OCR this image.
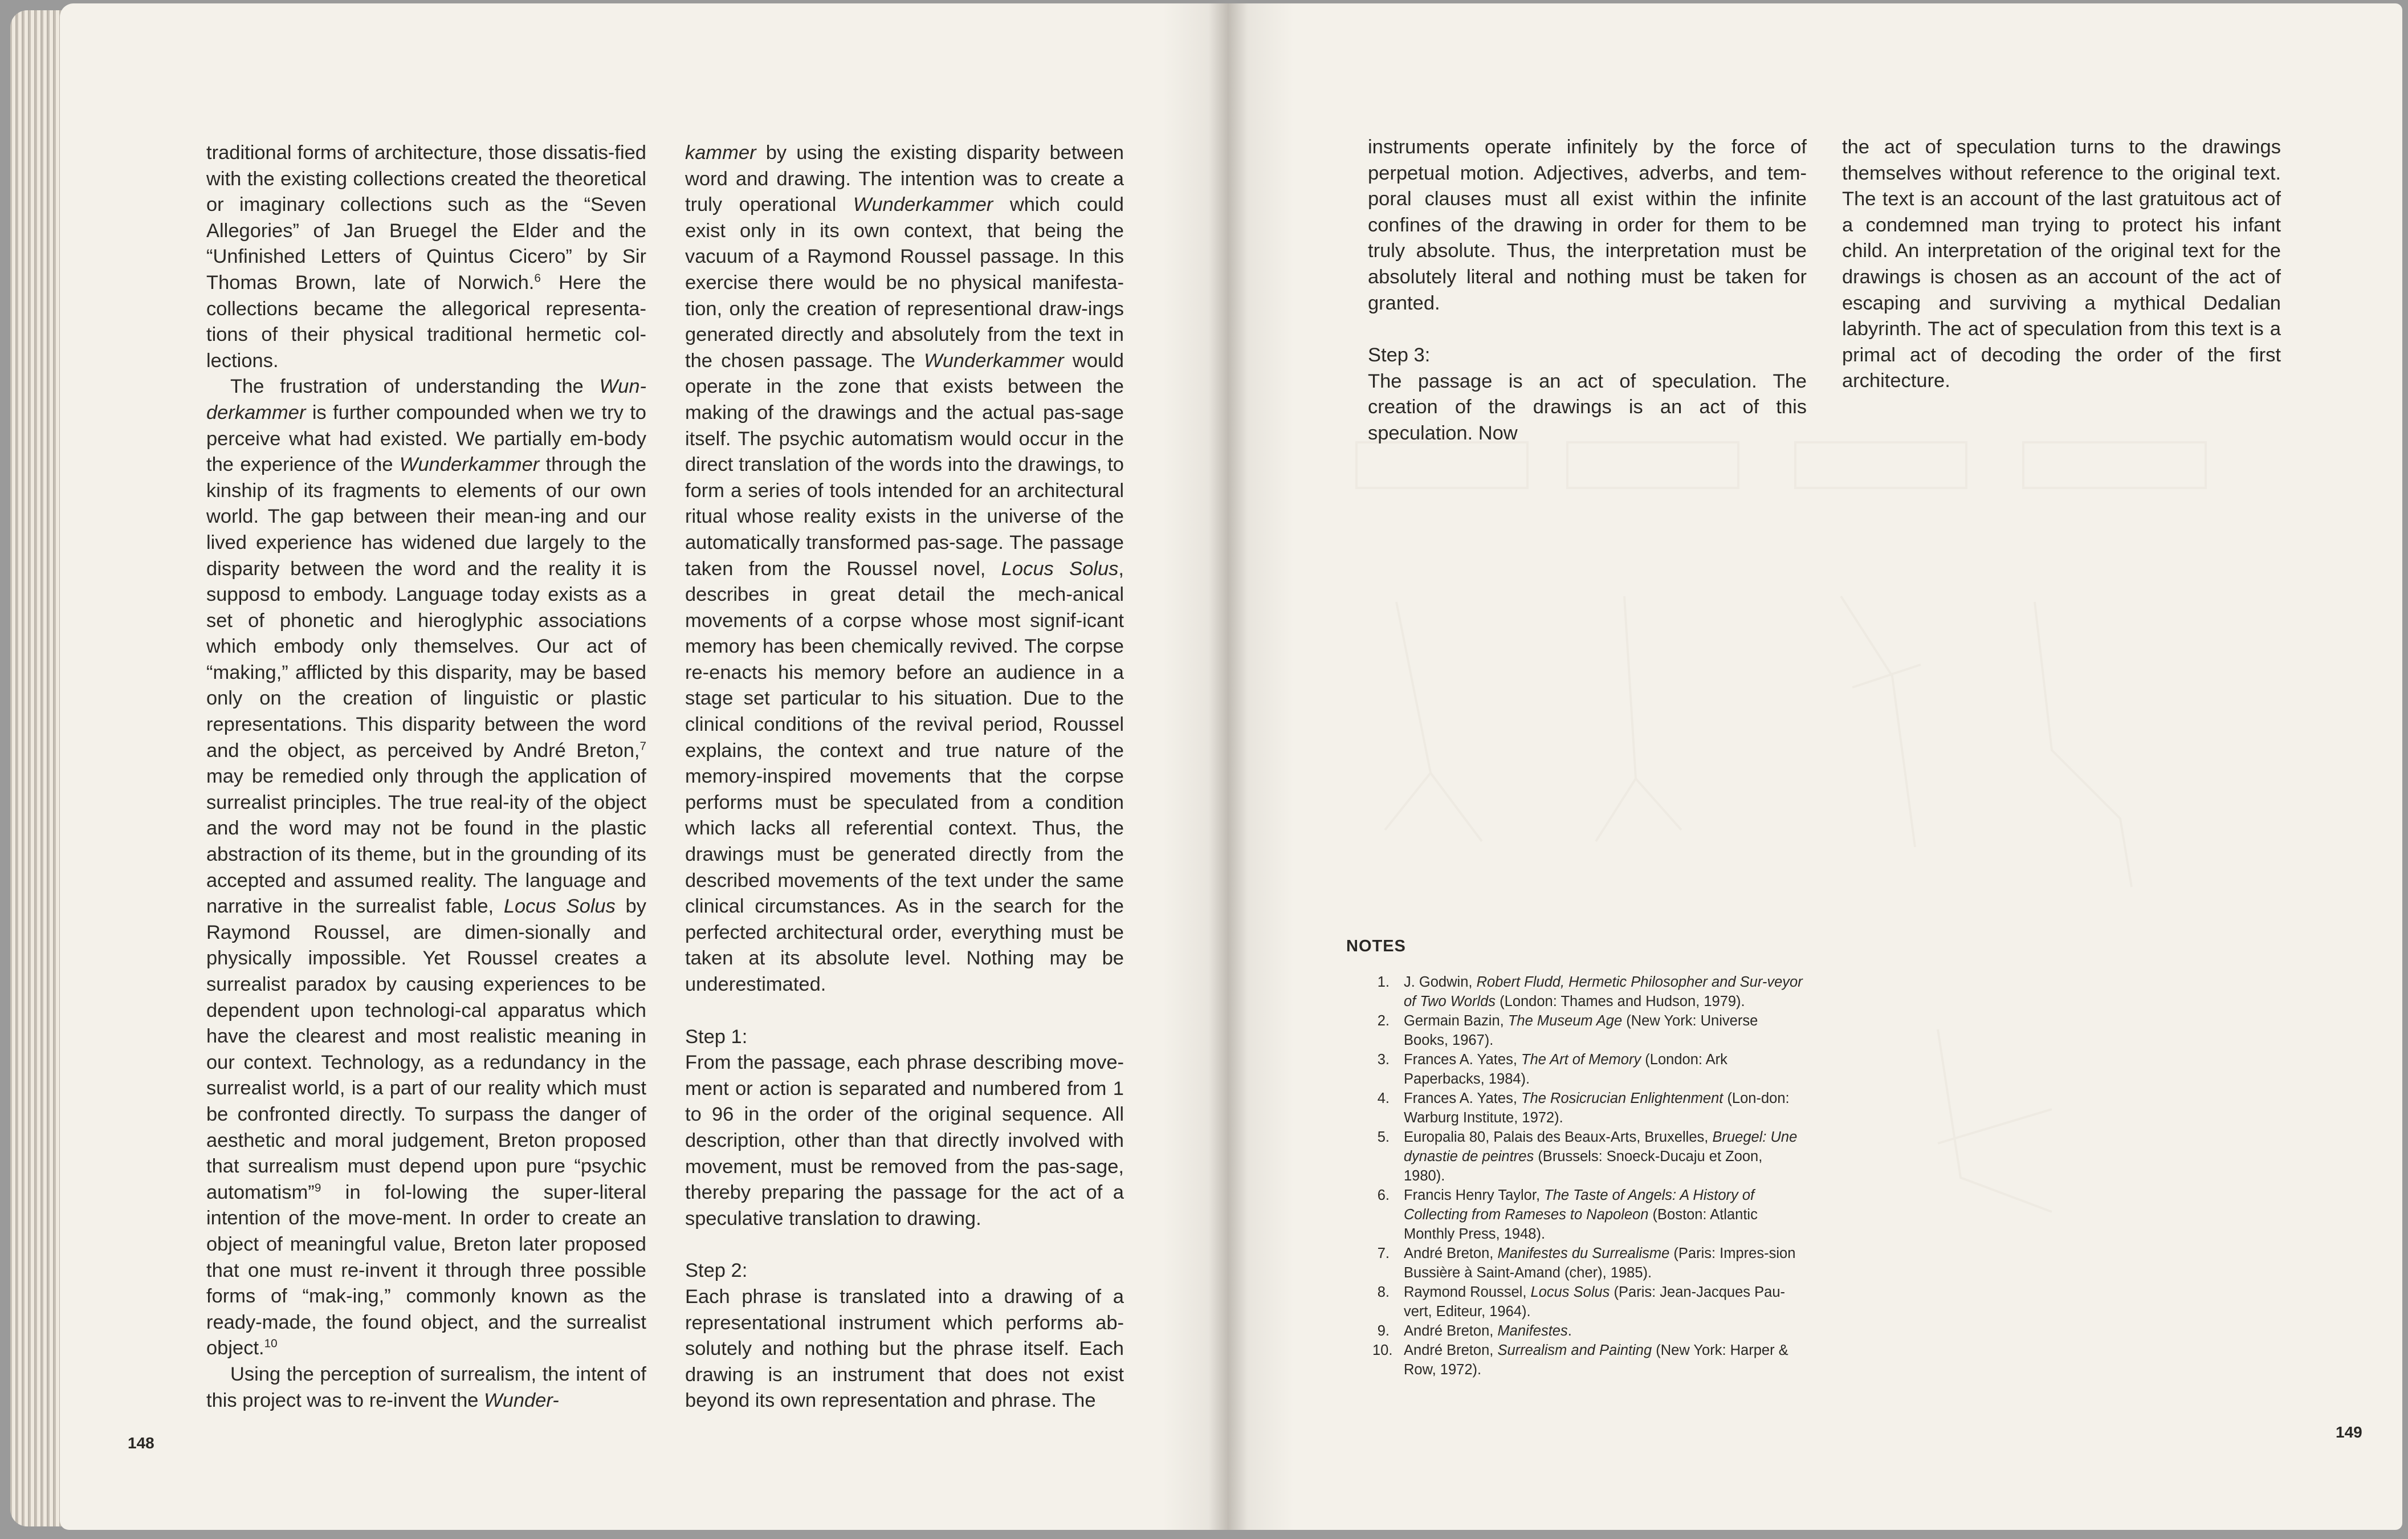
traditional forms of architecture, those dissatis-fied with the existing collections created the theoretical or imaginary collections such as the “Seven Allegories” of Jan Bruegel the Elder and the “Unfinished Letters of Quintus Cicero” by Sir Thomas Brown, late of Norwich.$^6$ Here the collections became the allegorical representa-tions of their physical traditional hermetic col-lections.

The frustration of understanding the Wun-derkammer is further compounded when we try to perceive what had existed. We partially em-body the experience of the Wunderkammer through the kinship of its fragments to elements of our own world. The gap between their mean-ing and our lived experience has widened due largely to the disparity between the word and the reality it is supposd to embody. Language today exists as a set of phonetic and hieroglyphic associations which embody only themselves. Our act of “making,” afflicted by this disparity, may be based only on the creation of linguistic or plastic representations. This disparity between the word and the object, as perceived by André Breton,$^7$ may be remedied only through the application of surrealist principles. The true real-ity of the object and the word may not be found in the plastic abstraction of its theme, but in the grounding of its accepted and assumed reality. The language and narrative in the surrealist fable, Locus Solus by Raymond Roussel, are dimen-sionally and physically impossible. Yet Roussel creates a surrealist paradox by causing experiences to be dependent upon technologi-cal apparatus which have the clearest and most realistic meaning in our context. Technology, as a redundancy in the surrealist world, is a part of our reality which must be confronted directly. To surpass the danger of aesthetic and moral judgement, Breton proposed that surrealism must depend upon pure “psychic automatism”$^9$ in fol-lowing the super-literal intention of the move-ment. In order to create an object of meaningful value, Breton later proposed that one must re-invent it through three possible forms of “mak-ing,” commonly known as the ready-made, the found object, and the surrealist object.$^{10}$

Using the perception of surrealism, the intent of this project was to re-invent the Wunder-

kammer by using the existing disparity between word and drawing. The intention was to create a truly operational Wunderkammer which could exist only in its own context, that being the vacuum of a Raymond Roussel passage. In this exercise there would be no physical manifesta-tion, only the creation of representional draw-ings generated directly and absolutely from the text in the chosen passage. The Wunderkammer would operate in the zone that exists between the making of the drawings and the actual pas-sage itself. The psychic automatism would occur in the direct translation of the words into the drawings, to form a series of tools intended for an architectural ritual whose reality exists in the universe of the automatically transformed pas-sage. The passage taken from the Roussel novel, Locus Solus, describes in great detail the mech-anical movements of a corpse whose most signif-icant memory has been chemically revived. The corpse re-enacts his memory before an audience in a stage set particular to his situation. Due to the clinical conditions of the revival period, Roussel explains, the context and true nature of the memory-inspired movements that the corpse performs must be speculated from a condition which lacks all referential context. Thus, the drawings must be generated directly from the described movements of the text under the same clinical circumstances. As in the search for the perfected architectural order, everything must be taken at its absolute level. Nothing may be underestimated.

Step 1:
From the passage, each phrase describing move-ment or action is separated and numbered from 1 to 96 in the order of the original sequence. All description, other than that directly involved with movement, must be removed from the pas-sage, thereby preparing the passage for the act of a speculative translation to drawing.

Step 2:
Each phrase is translated into a drawing of a representational instrument which performs ab-solutely and nothing but the phrase itself. Each drawing is an instrument that does not exist beyond its own representation and phrase. The

148

instruments operate infinitely by the force of perpetual motion. Adjectives, adverbs, and tem-poral clauses must all exist within the infinite confines of the drawing in order for them to be truly absolute. Thus, the interpretation must be absolutely literal and nothing must be taken for granted.

Step 3:
The passage is an act of speculation. The creation of the drawings is an act of this speculation. Now

the act of speculation turns to the drawings themselves without reference to the original text. The text is an account of the last gratuitous act of a condemned man trying to protect his infant child. An interpretation of the original text for the drawings is chosen as an account of the act of escaping and surviving a mythical Dedalian labyrinth. The act of speculation from this text is a primal act of decoding the order of the first architecture.

NOTES
1. J. Godwin, Robert Fludd, Hermetic Philosopher and Sur-veyor of Two Worlds (London: Thames and Hudson, 1979).
2. Germain Bazin, The Museum Age (New York: Universe Books, 1967).
3. Frances A. Yates, The Art of Memory (London: Ark Paperbacks, 1984).
4. Frances A. Yates, The Rosicrucian Enlightenment (Lon-don: Warburg Institute, 1972).
5. Europalia 80, Palais des Beaux-Arts, Bruxelles, Bruegel: Une dynastie de peintres (Brussels: Snoeck-Ducaju et Zoon, 1980).
6. Francis Henry Taylor, The Taste of Angels: A History of Collecting from Rameses to Napoleon (Boston: Atlantic Monthly Press, 1948).
7. André Breton, Manifestes du Surrealisme (Paris: Impres-sion Bussière à Saint-Amand (cher), 1985).
8. Raymond Roussel, Locus Solus (Paris: Jean-Jacques Pau-vert, Editeur, 1964).
9. André Breton, Manifestes.
10. André Breton, Surrealism and Painting (New York: Harper & Row, 1972).
149
